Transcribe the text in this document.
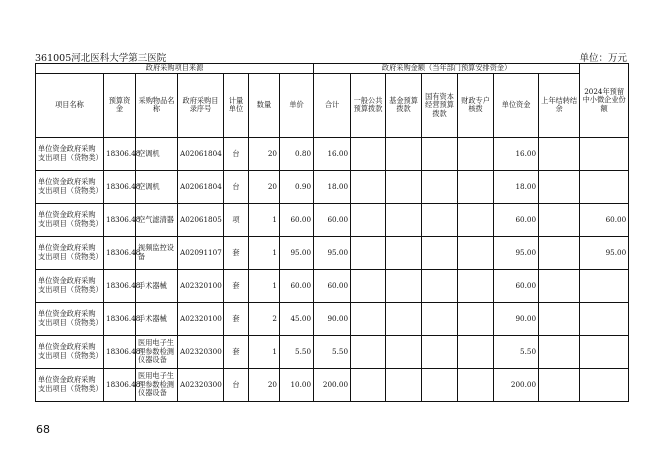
361005河北医科大学第三医院	单位：万元
政府采购项目来源							政府采购金额（当年部门预算安排资金）							2024年预留中小微企业份额
项目名称	预算资金	采购物品名称	政府采购目录序号	计量单位	数量	单价	合计	一般公共预算拨款	基金预算拨款	国有资本经营预算拨款	财政专户核拨	单位资金	上年结转结余	
单位资金政府采购支出项目（货物类）	18306.48	空调机	A02061804	台	20	0.80	16.00					16.00		
单位资金政府采购支出项目（货物类）	18306.48	空调机	A02061804	台	20	0.90	18.00					18.00		
单位资金政府采购支出项目（货物类）	18306.48	空气滤清器	A02061805	项	1	60.00	60.00					60.00		60.00
单位资金政府采购支出项目（货物类）	18306.48	视频监控设备	A02091107	套	1	95.00	95.00					95.00		95.00
单位资金政府采购支出项目（货物类）	18306.48	手术器械	A02320100	套	1	60.00	60.00					60.00		
单位资金政府采购支出项目（货物类）	18306.48	手术器械	A02320100	套	2	45.00	90.00					90.00		
单位资金政府采购支出项目（货物类）	18306.48	医用电子生理参数检测仪器设备	A02320300	套	1	5.50	5.50					5.50		
单位资金政府采购支出项目（货物类）	18306.48	医用电子生理参数检测仪器设备	A02320300	台	20	10.00	200.00					200.00		
68
